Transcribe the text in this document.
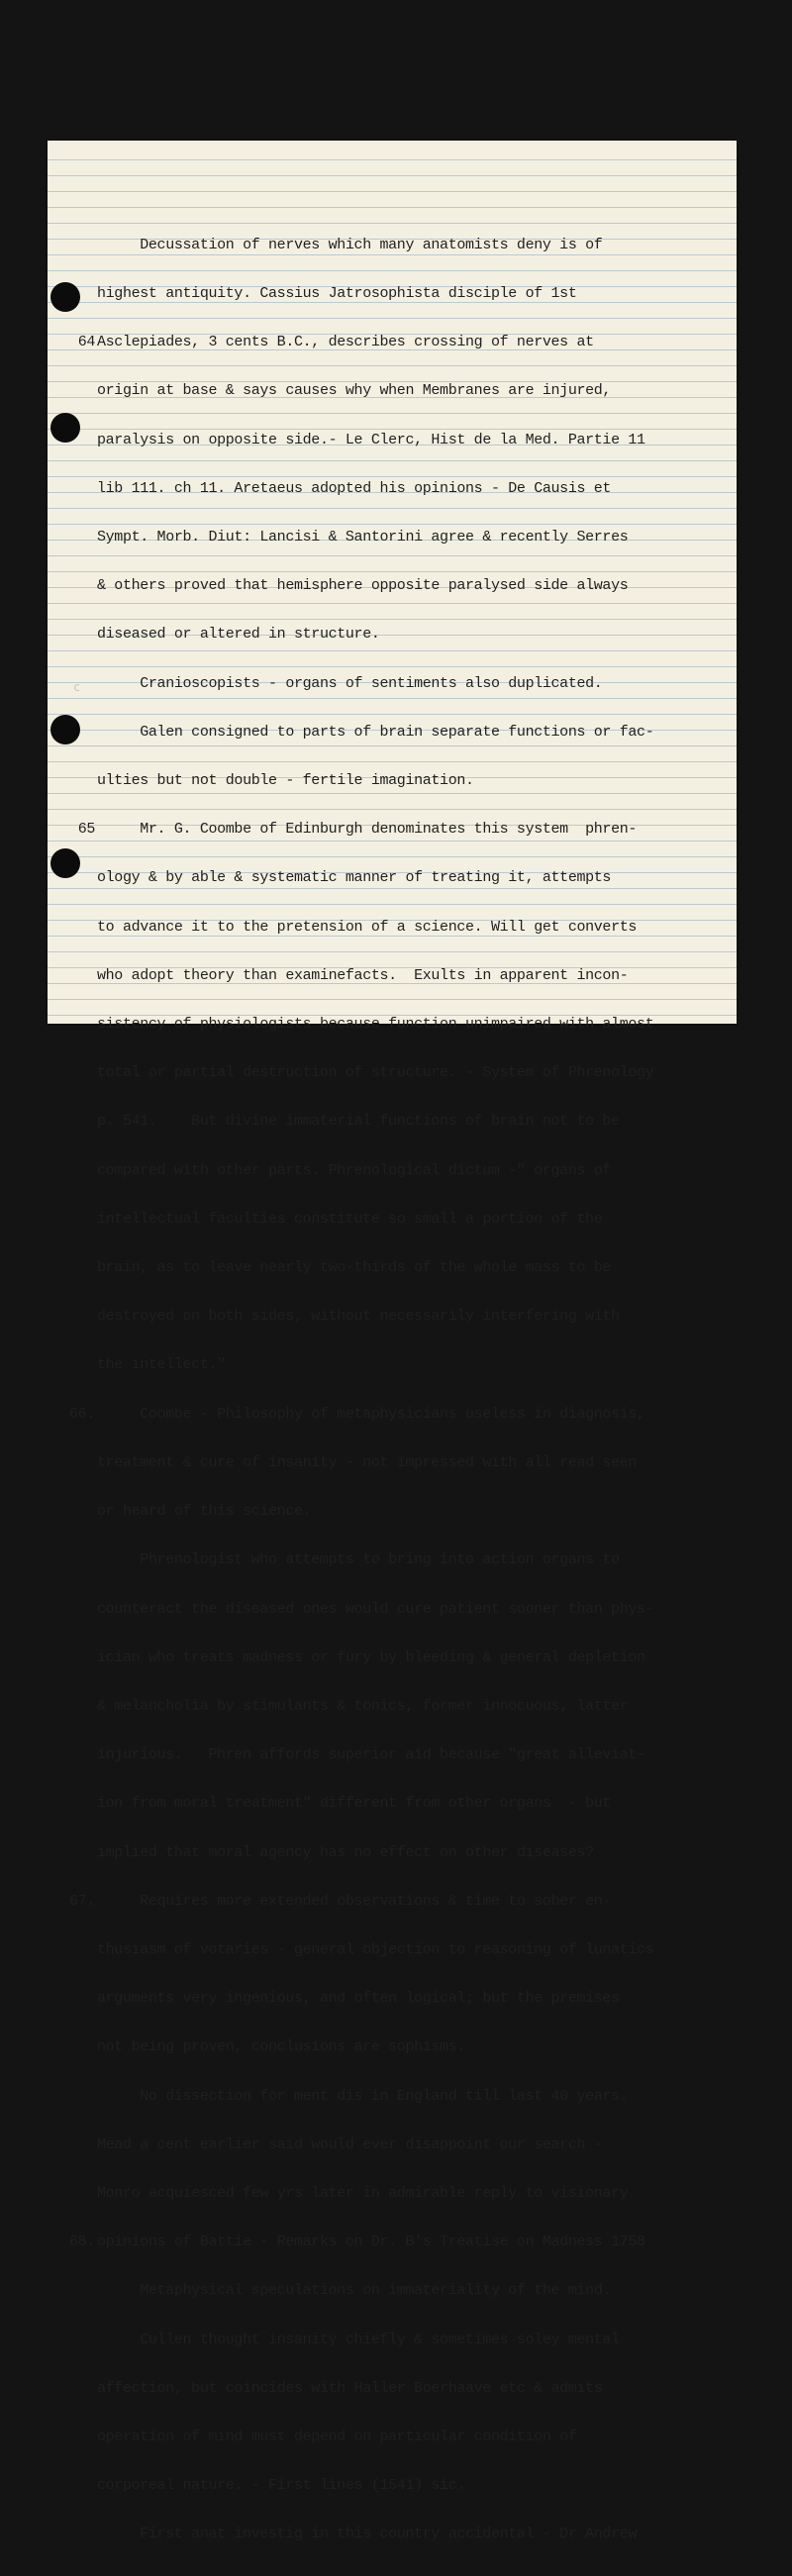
c

Decussation of nerves which many anatomists deny is of

highest antiquity. Cassius Jatrosophista disciple of 1st

64 Asclepiades, 3 cents B.C., describes crossing of nerves at

origin at base & says causes why when Membranes are injured,

paralysis on opposite side.- Le Clerc, Hist de la Med. Partie 11

lib 111. ch 11. Aretaeus adopted his opinions - De Causis et

Sympt. Morb. Diut: Lancisi & Santorini agree & recently Serres

& others proved that hemisphere opposite paralysed side always

diseased or altered in structure.

Cranioscopists - organs of sentiments also duplicated.

Galen consigned to parts of brain separate functions or fac-

ulties but not double - fertile imagination.

65 Mr. G. Coombe of Edinburgh denominates this system  phren-

ology & by able & systematic manner of treating it, attempts

to advance it to the pretension of a science. Will get converts

who adopt theory than examinefacts.  Exults in apparent incon-

sistency of physiologists because function unimpaired with almost

total or partial destruction of structure. - System of Phrenology

p. 541.    But divine immaterial functions of brain not to be

compared with other parts. Phrenological dictum -" organs of

intellectual faculties constitute so small a portion of the

brain, as to leave nearly two-thirds of the whole mass to be

destroyed on both sides, without necessarily interfering with

the intellect."

66. Coombe - Philosophy of metaphysicians useless in diagnosis,

treatment & cure of insanity - not impressed with all read seen

or heard of this science.

Phrenologist who attempts to bring into action organs to

counteract the diseased ones would cure patient sooner than phys-

ician who treats madness or fury by bleeding & general depletion

& melancholia by stimulants & tonics, former innocuous, latter

injurious.   Phren affords superior aid because "great alleviat-

ion from moral treatment" different from other organs  - but

implied that moral agency has no effect on other diseases?

67. Requires more extended observations & time to sober en-

thusiasm of votaries - general objection to reasoning of lunatics

arguments very ingenious, and often logical; but the premises

not being proven, conclusions are sophisms.

No dissection for ment dis in England till last 40 years.

Mead a cent earlier said would ever disappoint our search -

Monro acquiesced few yrs later in admirable reply to visionary

68. opinions of Battie - Remarks on Dr. B's Treatise on Madness 1758

Metaphysical speculations on immateriality of the mind.

Cullen thought insanity chiefly & sometimes soley mental

affection, but coincides with Haller Boerhaave etc & admits

operation of mind must depend on particular condition of

corporeal nature. - First lines (1541) sic.

First anat investig in this country accidental - Dr Andrew
